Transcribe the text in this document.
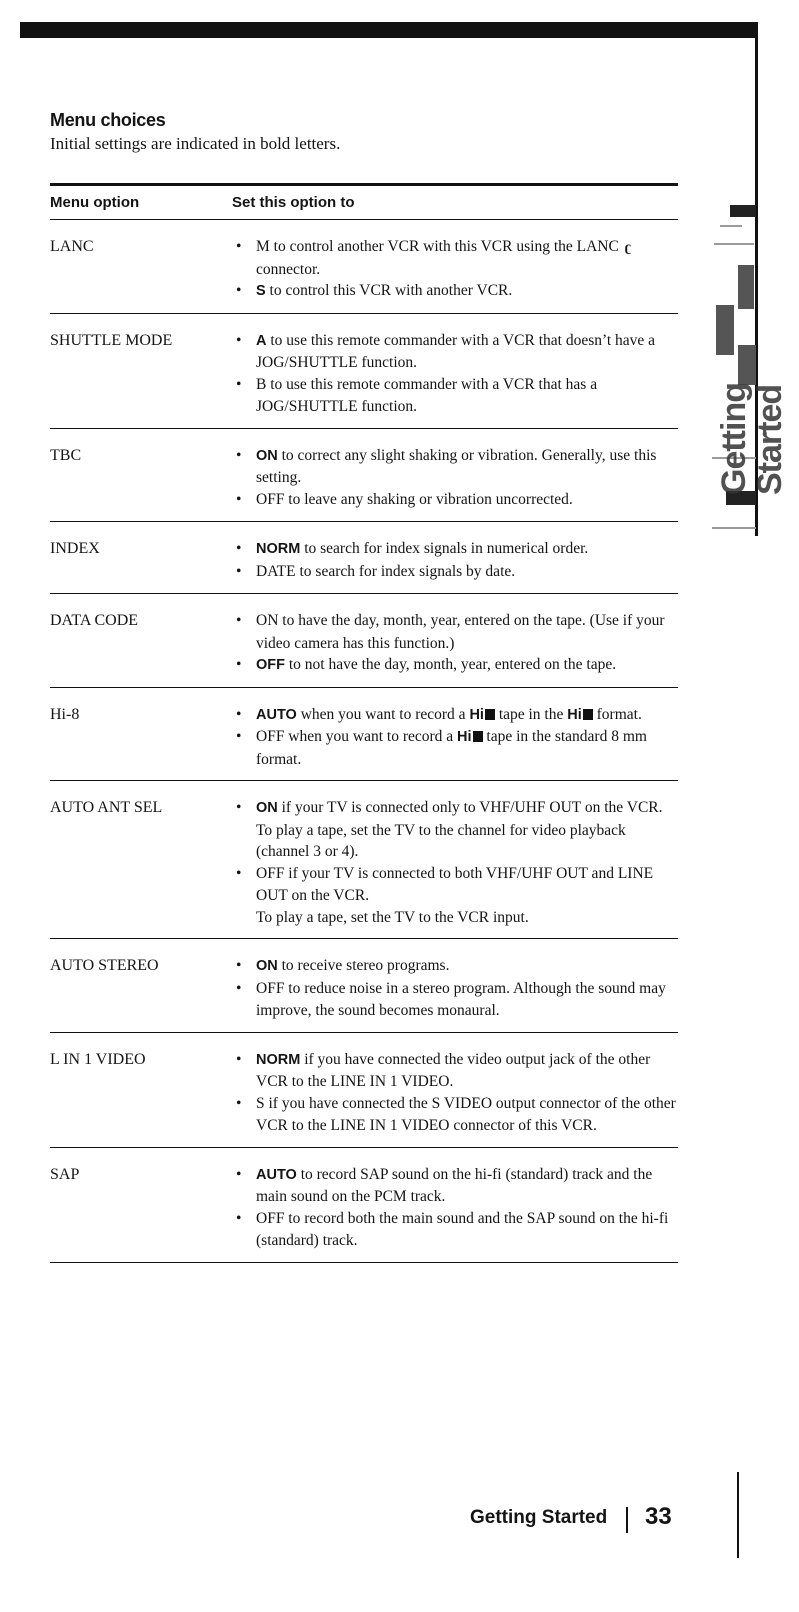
Getting Started
Menu choices

Initial settings are indicated in bold letters.

Menu option	Set this option to
LANC	• M to control another VCR with this VCR using the LANC ʗconnector.
• S to control this VCR with another VCR.
SHUTTLE MODE	• A to use this remote commander with a VCR that doesn’t have a JOG/SHUTTLE function.
• B to use this remote commander with a VCR that has a JOG/SHUTTLE function.
TBC	• ON to correct any slight shaking or vibration. Generally, use this setting.
• OFF to leave any shaking or vibration uncorrected.
INDEX	• NORM to search for index signals in numerical order.
• DATE to search for index signals by date.
DATA CODE	• ON to have the day, month, year, entered on the tape. (Use if your video camera has this function.)
• OFF to not have the day, month, year, entered on the tape.
Hi-8	• AUTO when you want to record a Hi tape in the Hi format.
• OFF when you want to record a Hi tape in the standard 8 mm format.
AUTO ANT SEL	• ON if your TV is connected only to VHF/UHF OUT on the VCR.
To play a tape, set the TV to the channel for video playback (channel 3 or 4).
• OFF if your TV is connected to both VHF/UHF OUT and LINE OUT on the VCR.
To play a tape, set the TV to the VCR input.
AUTO STEREO	• ON to receive stereo programs.
• OFF to reduce noise in a stereo program. Although the sound may improve, the sound becomes monaural.
L IN 1 VIDEO	• NORM if you have connected the video output jack of the other VCR to the LINE IN 1 VIDEO.
• S if you have connected the S VIDEO output connector of the other VCR to the LINE IN 1 VIDEO connector of this VCR.
SAP	• AUTO to record SAP sound on the hi-fi (standard) track and the main sound on the PCM track.
• OFF to record both the main sound and the SAP sound on the hi-fi (standard) track.
Getting Started 33
